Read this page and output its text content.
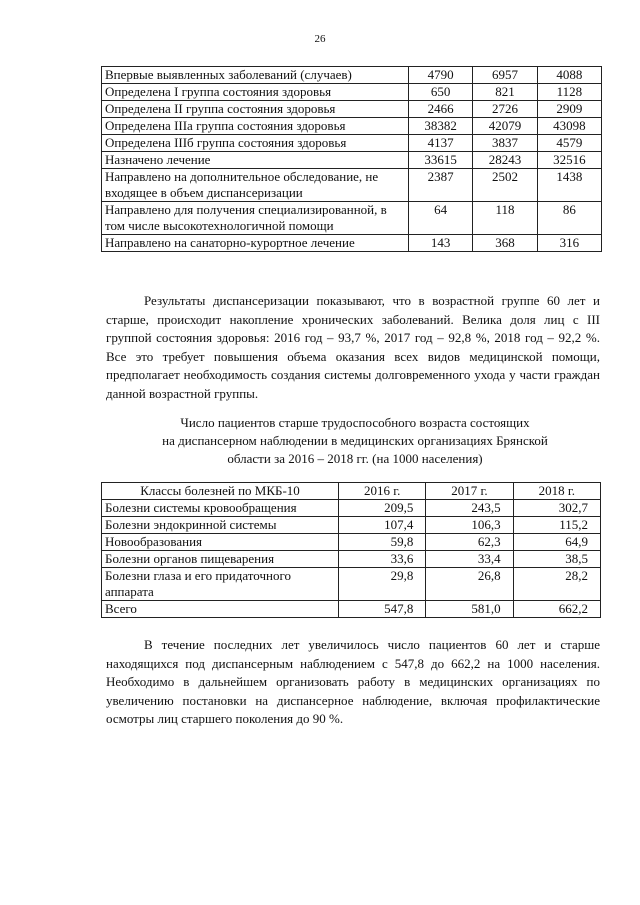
26
Впервые выявленных заболеваний (случаев)	4790	6957	4088
Определена I группа состояния здоровья	650	821	1128
Определена II группа состояния здоровья	2466	2726	2909
Определена IIIа группа состояния здоровья	38382	42079	43098
Определена IIIб группа состояния здоровья	4137	3837	4579
Назначено лечение	33615	28243	32516
Направлено на дополнительное обследование, не входящее в объем диспансеризации	2387	2502	1438
Направлено для получения специализированной, в том числе высокотехнологичной помощи	64	118	86
Направлено на санаторно-курортное лечение	143	368	316
Результаты диспансеризации показывают, что в возрастной группе 60 лет и старше, происходит накопление хронических заболеваний. Велика доля лиц с III группой состояния здоровья: 2016 год – 93,7 %, 2017 год – 92,8 %, 2018 год – 92,2 %. Все это требует повышения объема оказания всех видов медицинской помощи, предполагает необходимость создания системы долговременного ухода у части граждан данной возрастной группы.
Число пациентов старше трудоспособного возраста состоящих
на диспансерном наблюдении в медицинских организациях Брянской
области за 2016 – 2018 гг. (на 1000 населения)
Классы болезней по МКБ-10	2016 г.	2017 г.	2018 г.
Болезни системы кровообращения	209,5	243,5	302,7
Болезни эндокринной системы	107,4	106,3	115,2
Новообразования	59,8	62,3	64,9
Болезни органов пищеварения	33,6	33,4	38,5
Болезни глаза и его придаточного аппарата	29,8	26,8	28,2
Всего	547,8	581,0	662,2
В течение последних лет увеличилось число пациентов 60 лет и старше находящихся под диспансерным наблюдением с 547,8 до 662,2 на 1000 населения. Необходимо в дальнейшем организовать работу в медицинских организациях по увеличению постановки на диспансерное наблюдение, включая профилактические осмотры лиц старшего поколения до 90 %.
